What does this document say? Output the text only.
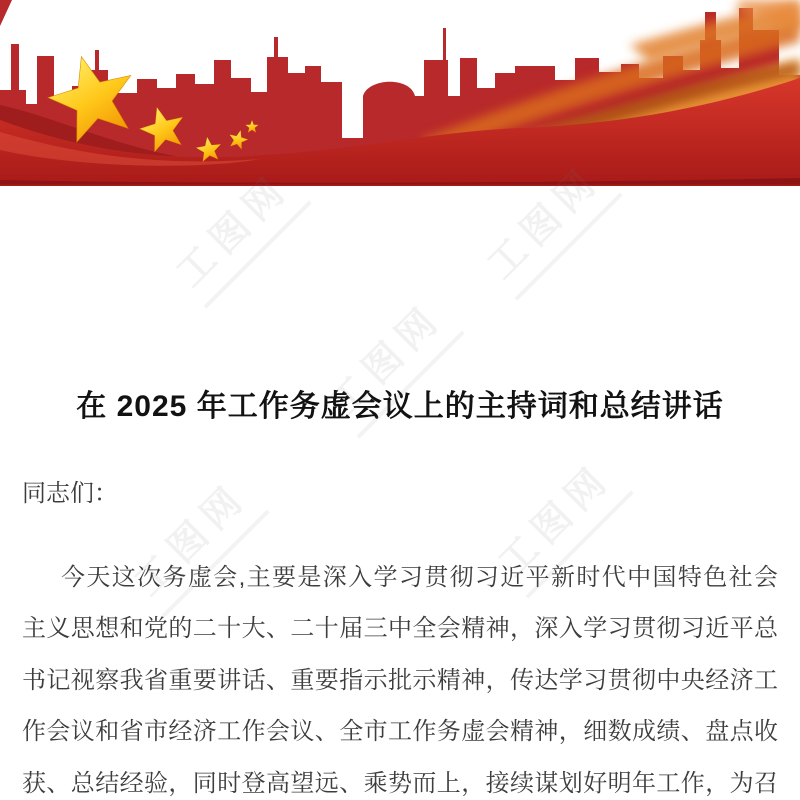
在 2025 年工作务虚会议上的主持词和总结讲话
同志们：
今天这次务虚会,主要是深入学习贯彻习近平新时代中国特色社会
主义思想和党的二十大、二十届三中全会精神，深入学习贯彻习近平总
书记视察我省重要讲话、重要指示批示精神，传达学习贯彻中央经济工
作会议和省市经济工作会议、全市工作务虚会精神，细数成绩、盘点收
获、总结经验，同时登高望远、乘势而上，接续谋划好明年工作，为召
工图网	工图网
工图网
工图网	工图网
